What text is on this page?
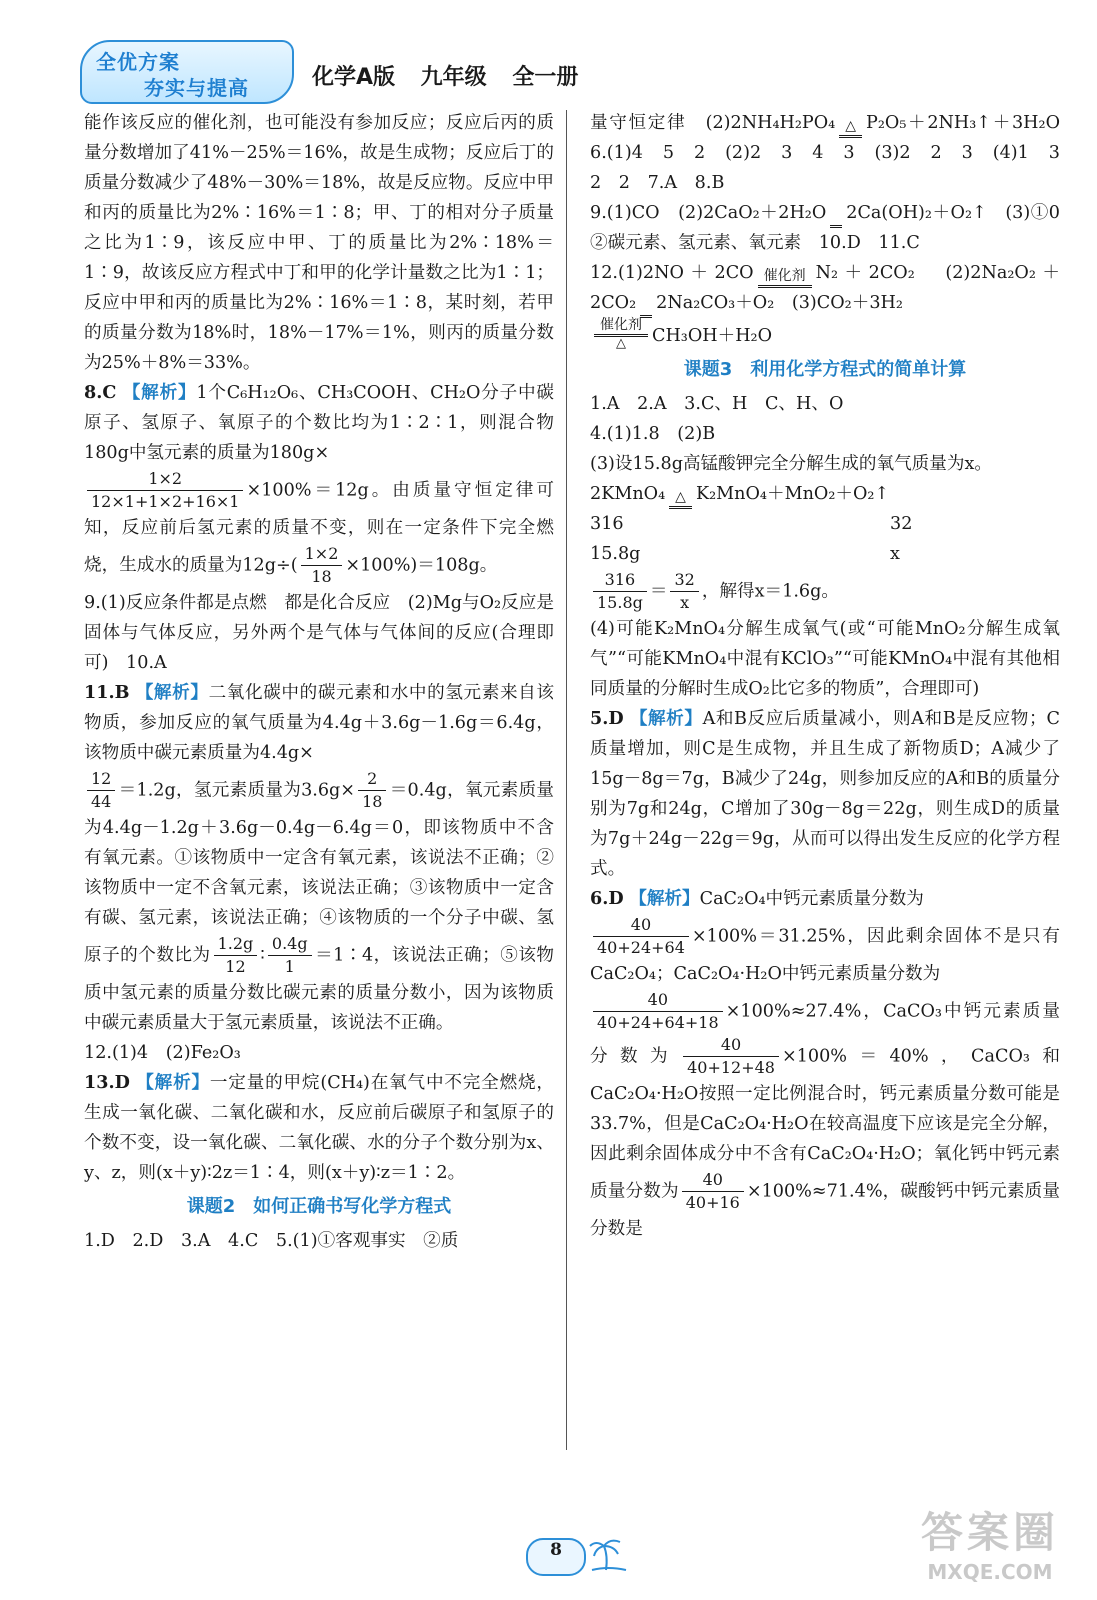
全优方案
夯实与提高	化学A版 九年级 全一册

能作该反应的催化剂，也可能没有参加反应；反应后丙的质量分数增加了41%－25%＝16%，故是生成物；反应后丁的质量分数减少了48%－30%＝18%，故是反应物。反应中甲和丙的质量比为2%∶16%＝1∶8；甲、丁的相对分子质量之比为1∶9，该反应中甲、丁的质量比为2%∶18%＝1∶9，故该反应方程式中丁和甲的化学计量数之比为1∶1；反应中甲和丙的质量比为2%∶16%＝1∶8，某时刻，若甲的质量分数为18%时，18%－17%＝1%，则丙的质量分数为25%＋8%＝33%。

8.C 【解析】1个C₆H₁₂O₆、CH₃COOH、CH₂O分子中碳原子、氢原子、氧原子的个数比均为1∶2∶1，则混合物180g中氢元素的质量为180g×

$\frac{1\times 2}{12\times 1+1\times 2+16\times 1} \times 100\%=12g$。由质量守恒定律可知，反应前后氢元素的质量不变，则在一定条件下完全燃烧，生成水的质量为$12g\div( \frac{1\times 2}{18} \times 100\%)=108g$。

9.(1)反应条件都是点燃　都是化合反应　(2)Mg与O₂反应是固体与气体反应，另外两个是气体与气体间的反应(合理即可)　10.A

11.B 【解析】二氧化碳中的碳元素和水中的氢元素来自该物质，参加反应的氧气质量为4.4g＋3.6g－1.6g＝6.4g，该物质中碳元素质量为4.4g×

$\frac{12}{44} =1.2g$，氢元素质量为$3.6g\times \frac{2}{18} =0.4g$，氧元素质量为4.4g－1.2g＋3.6g－0.4g－6.4g＝0，即该物质中不含有氧元素。①该物质中一定含有氧元素，该说法不正确；②该物质中一定不含氧元素，该说法正确；③该物质中一定含有碳、氢元素，该说法正确；④该物质的一个分子中碳、氢原子的个数比为 $\frac{1.2g}{12}$ ∶ $\frac{0.4g}{1}$ ＝1∶4，该说法正确；⑤该物质中氢元素的质量分数比碳元素的质量分数小，因为该物质中碳元素质量大于氢元素质量，该说法不正确。

12.(1)4　(2)Fe₂O₃

13.D 【解析】一定量的甲烷(CH₄)在氧气中不完全燃烧，生成一氧化碳、二氧化碳和水，反应前后碳原子和氢原子的个数不变，设一氧化碳、二氧化碳、水的分子个数分别为x、y、z，则(x＋y)∶2z＝1∶4，则(x＋y)∶z＝1∶2。

课题2　如何正确书写化学方程式

1.D　2.D　3.A　4.C　5.(1)①客观事实　②质

量守恒定律　(2)2NH₄H₂PO₄ △ P₂O₅＋2NH₃↑＋3H₂O　6.(1)4　5　2　(2)2　3　4　3　(3)2　2　3　(4)1　3　2　2　7.A　8.B

9.(1)CO　(2)2CaO₂＋2H₂O 2Ca(OH)₂＋O₂↑　(3)①0　②碳元素、氢元素、氧元素　10.D　11.C

12.(1)2NO＋2CO 催化剂 N₂＋2CO₂　(2)2Na₂O₂＋2CO₂ 2Na₂CO₃＋O₂　(3)CO₂＋3H₂

催化剂
△	CH₃OH＋H₂O

课题3　利用化学方程式的简单计算

1.A　2.A　3.C、H　C、H、O

4.(1)1.8　(2)B

(3)设15.8g高锰酸钾完全分解生成的氧气质量为x。

2KMnO₄ △ K₂MnO₄＋MnO₂＋O₂↑

316	32

15.8g	x

$\frac{316}{15.8g} = \frac{32}{x}$ ，解得x＝1.6g。

(4)可能K₂MnO₄分解生成氧气(或“可能MnO₂分解生成氧气”“可能KMnO₄中混有KClO₃”“可能KMnO₄中混有其他相同质量的分解时生成O₂比它多的物质”，合理即可)

5.D 【解析】A和B反应后质量减小，则A和B是反应物；C质量增加，则C是生成物，并且生成了新物质D；A减少了15g－8g＝7g，B减少了24g，则参加反应的A和B的质量分别为7g和24g，C增加了30g－8g＝22g，则生成D的质量为7g＋24g－22g＝9g，从而可以得出发生反应的化学方程式。

6.D 【解析】CaC₂O₄中钙元素质量分数为

$\frac{40}{40+24+64} \times 100\%=31.25\%$，因此剩余固体不是只有CaC₂O₄；CaC₂O₄·H₂O中钙元素质量分数为

$\frac{40}{40+24+64+18} \times 100\%\approx 27.4\%$，CaCO₃中钙元素质量分数为 $\frac{40}{40+12+48} \times 100\%=40\%$，CaCO₃和CaC₂O₄·H₂O按照一定比例混合时，钙元素质量分数可能是33.7%，但是CaC₂O₄·H₂O在较高温度下应该是完全分解，因此剩余固体成分中不含有CaC₂O₄·H₂O；氧化钙中钙元素质量分数为 $\frac{40}{40+16} \times 100\%\approx 71.4\%$，碳酸钙中钙元素质量分数是

8	答案圈
MXQE.COM
